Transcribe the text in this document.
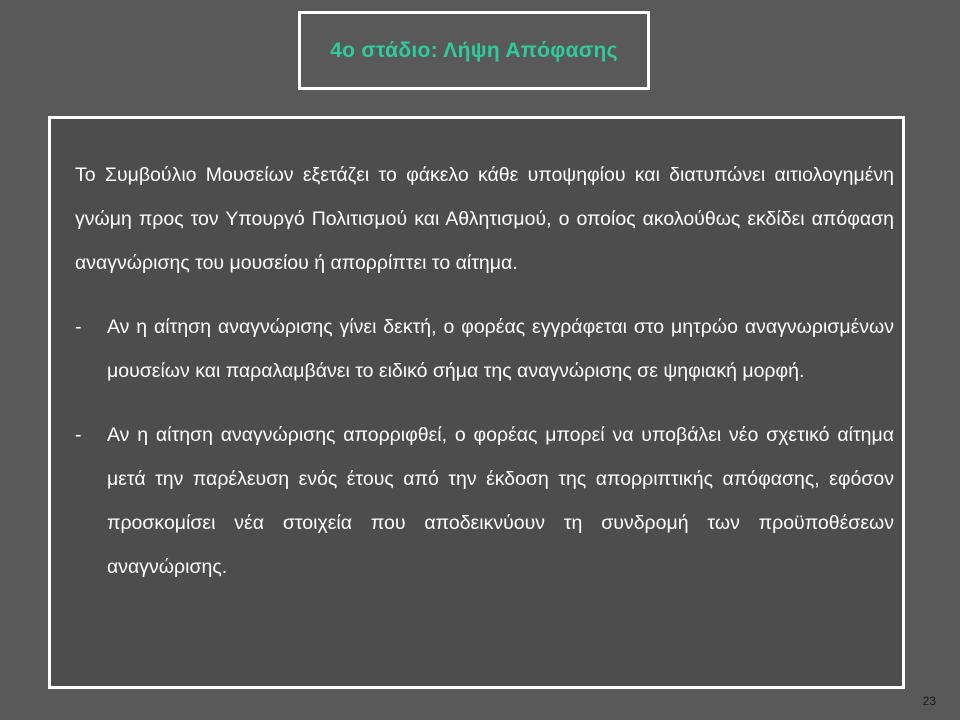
4ο στάδιο: Λήψη Απόφασης

Το Συμβούλιο Μουσείων εξετάζει το φάκελο κάθε υποψηφίου και διατυπώνει αιτιολογημένη γνώμη προς τον Υπουργό Πολιτισμού και Αθλητισμού, ο οποίος ακολούθως εκδίδει απόφαση αναγνώρισης του μουσείου ή απορρίπτει το αίτημα.

-	Αν η αίτηση αναγνώρισης γίνει δεκτή, ο φορέας εγγράφεται στο μητρώο αναγνωρισμένων μουσείων και παραλαμβάνει το ειδικό σήμα της αναγνώρισης σε ψηφιακή μορφή.
-	Αν η αίτηση αναγνώρισης απορριφθεί, ο φορέας μπορεί να υποβάλει νέο σχετικό αίτημα μετά την παρέλευση ενός έτους από την έκδοση της απορριπτικής απόφασης, εφόσον προσκομίσει νέα στοιχεία που αποδεικνύουν τη συνδρομή των προϋποθέσεων αναγνώρισης.
23
